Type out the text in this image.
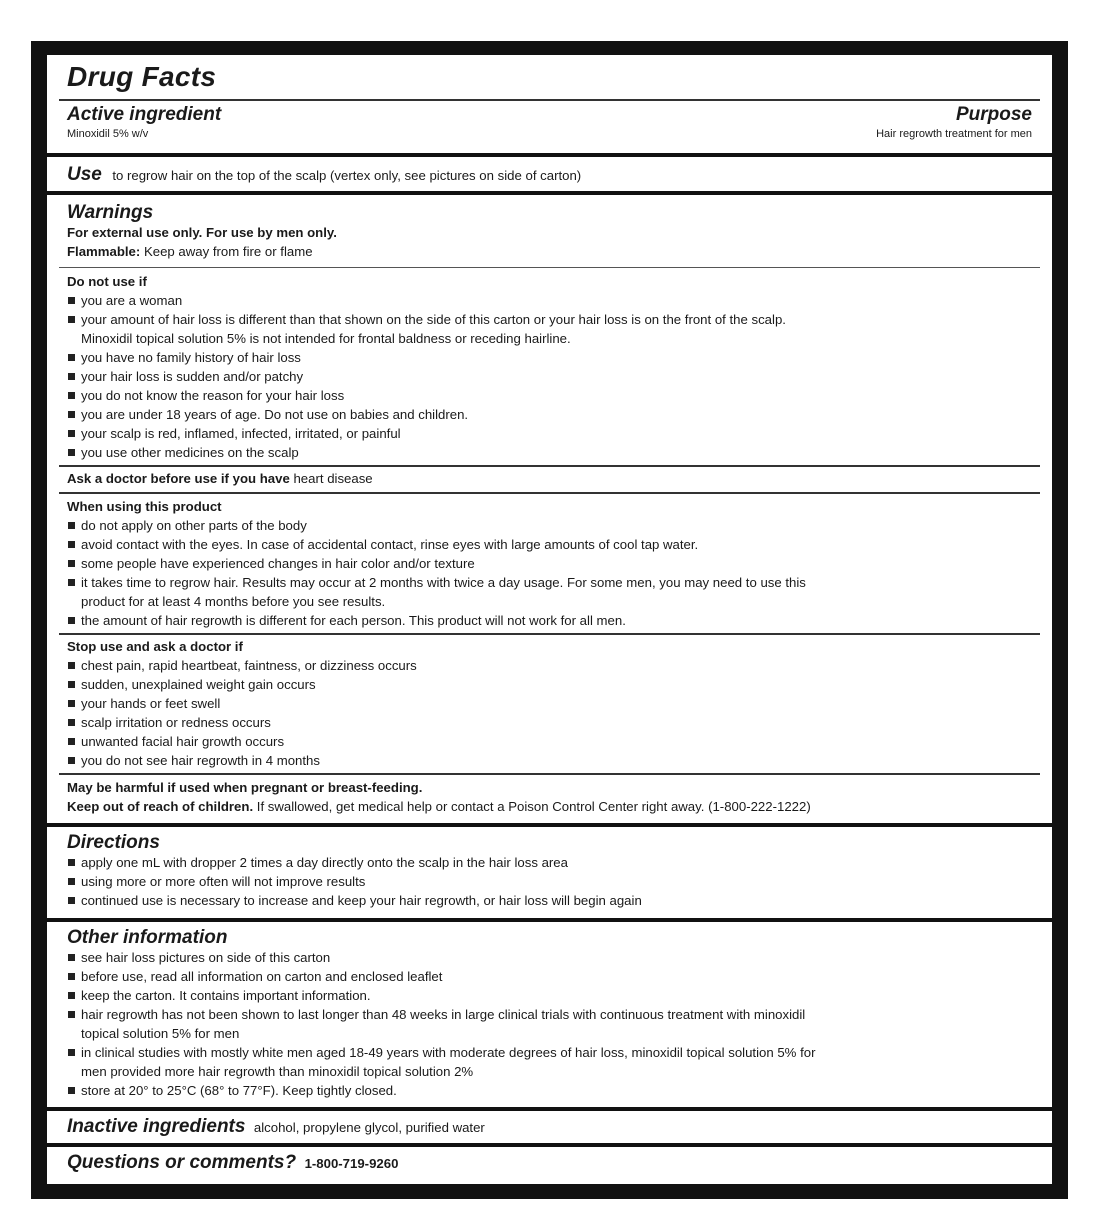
Drug Facts
Active ingredient	Purpose
Minoxidil 5% w/v	Hair regrowth treatment for men
Use to regrow hair on the top of the scalp (vertex only, see pictures on side of carton)
Warnings
For external use only. For use by men only.
Flammable: Keep away from fire or flame
Do not use if
you are a woman
your amount of hair loss is different than that shown on the side of this carton or your hair loss is on the front of the scalp.
Minoxidil topical solution 5% is not intended for frontal baldness or receding hairline.
you have no family history of hair loss
your hair loss is sudden and/or patchy
you do not know the reason for your hair loss
you are under 18 years of age. Do not use on babies and children.
your scalp is red, inflamed, infected, irritated, or painful
you use other medicines on the scalp
Ask a doctor before use if you have heart disease
When using this product
do not apply on other parts of the body
avoid contact with the eyes. In case of accidental contact, rinse eyes with large amounts of cool tap water.
some people have experienced changes in hair color and/or texture
it takes time to regrow hair. Results may occur at 2 months with twice a day usage. For some men, you may need to use this
product for at least 4 months before you see results.
the amount of hair regrowth is different for each person. This product will not work for all men.
Stop use and ask a doctor if
chest pain, rapid heartbeat, faintness, or dizziness occurs
sudden, unexplained weight gain occurs
your hands or feet swell
scalp irritation or redness occurs
unwanted facial hair growth occurs
you do not see hair regrowth in 4 months
May be harmful if used when pregnant or breast-feeding.
Keep out of reach of children. If swallowed, get medical help or contact a Poison Control Center right away. (1-800-222-1222)
Directions
apply one mL with dropper 2 times a day directly onto the scalp in the hair loss area
using more or more often will not improve results
continued use is necessary to increase and keep your hair regrowth, or hair loss will begin again
Other information
see hair loss pictures on side of this carton
before use, read all information on carton and enclosed leaflet
keep the carton. It contains important information.
hair regrowth has not been shown to last longer than 48 weeks in large clinical trials with continuous treatment with minoxidil
topical solution 5% for men
in clinical studies with mostly white men aged 18-49 years with moderate degrees of hair loss, minoxidil topical solution 5% for
men provided more hair regrowth than minoxidil topical solution 2%
store at 20° to 25°C (68° to 77°F). Keep tightly closed.
Inactive ingredients alcohol, propylene glycol, purified water
Questions or comments? 1-800-719-9260
